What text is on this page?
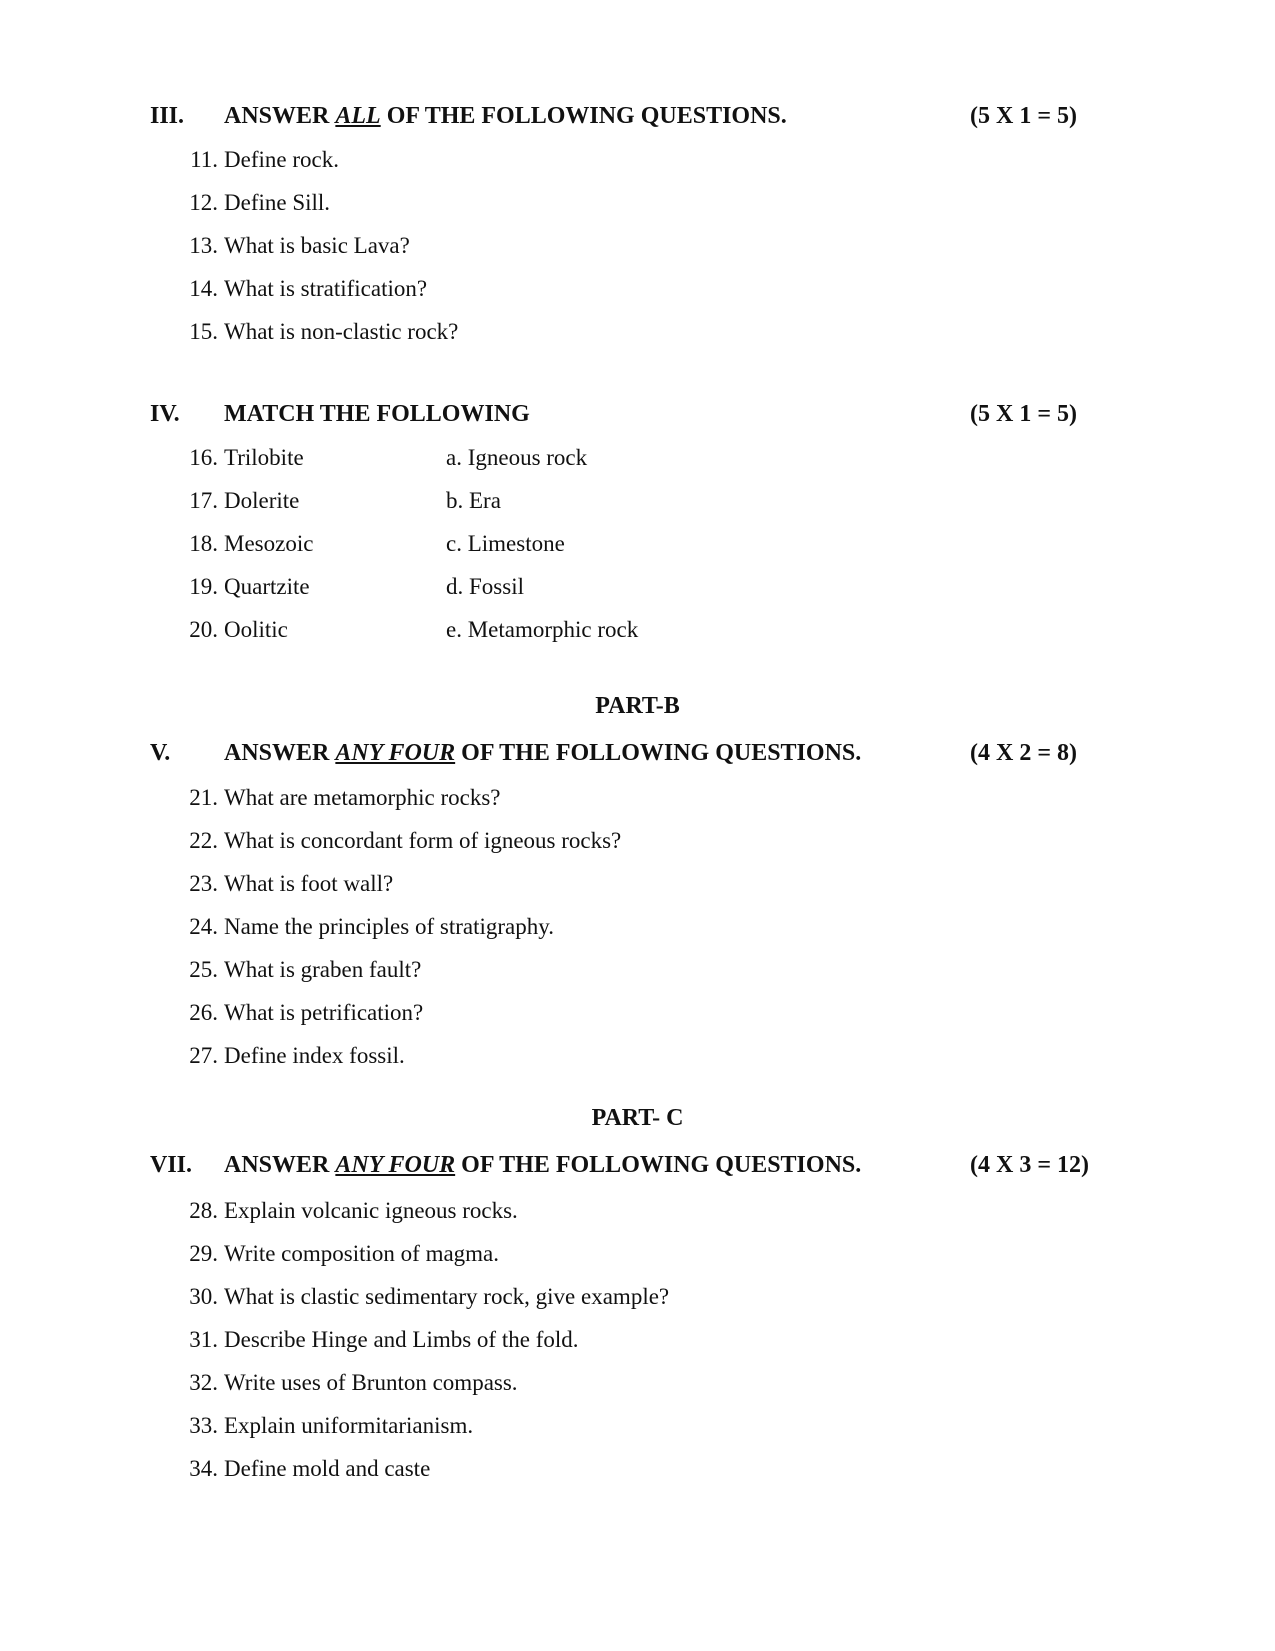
III. ANSWER ALL OF THE FOLLOWING QUESTIONS.	(5 X 1 = 5)
11. Define rock.
12. Define Sill.
13. What is basic Lava?
14. What is stratification?
15. What is non-clastic rock?
IV. MATCH THE FOLLOWING	(5 X 1 = 5)
16. Trilobite	a. Igneous rock
17. Dolerite	b. Era
18. Mesozoic	c. Limestone
19. Quartzite	d. Fossil
20. Oolitic	e. Metamorphic rock
PART-B
V. ANSWER ANY FOUR OF THE FOLLOWING QUESTIONS.	(4 X 2 = 8)
21. What are metamorphic rocks?
22. What is concordant form of igneous rocks?
23. What is foot wall?
24. Name the principles of stratigraphy.
25. What is graben fault?
26. What is petrification?
27. Define index fossil.
PART- C
VII. ANSWER ANY FOUR OF THE FOLLOWING QUESTIONS.	(4 X 3 = 12)
28. Explain volcanic igneous rocks.
29. Write composition of magma.
30. What is clastic sedimentary rock, give example?
31. Describe Hinge and Limbs of the fold.
32. Write uses of Brunton compass.
33. Explain uniformitarianism.
34. Define mold and caste
